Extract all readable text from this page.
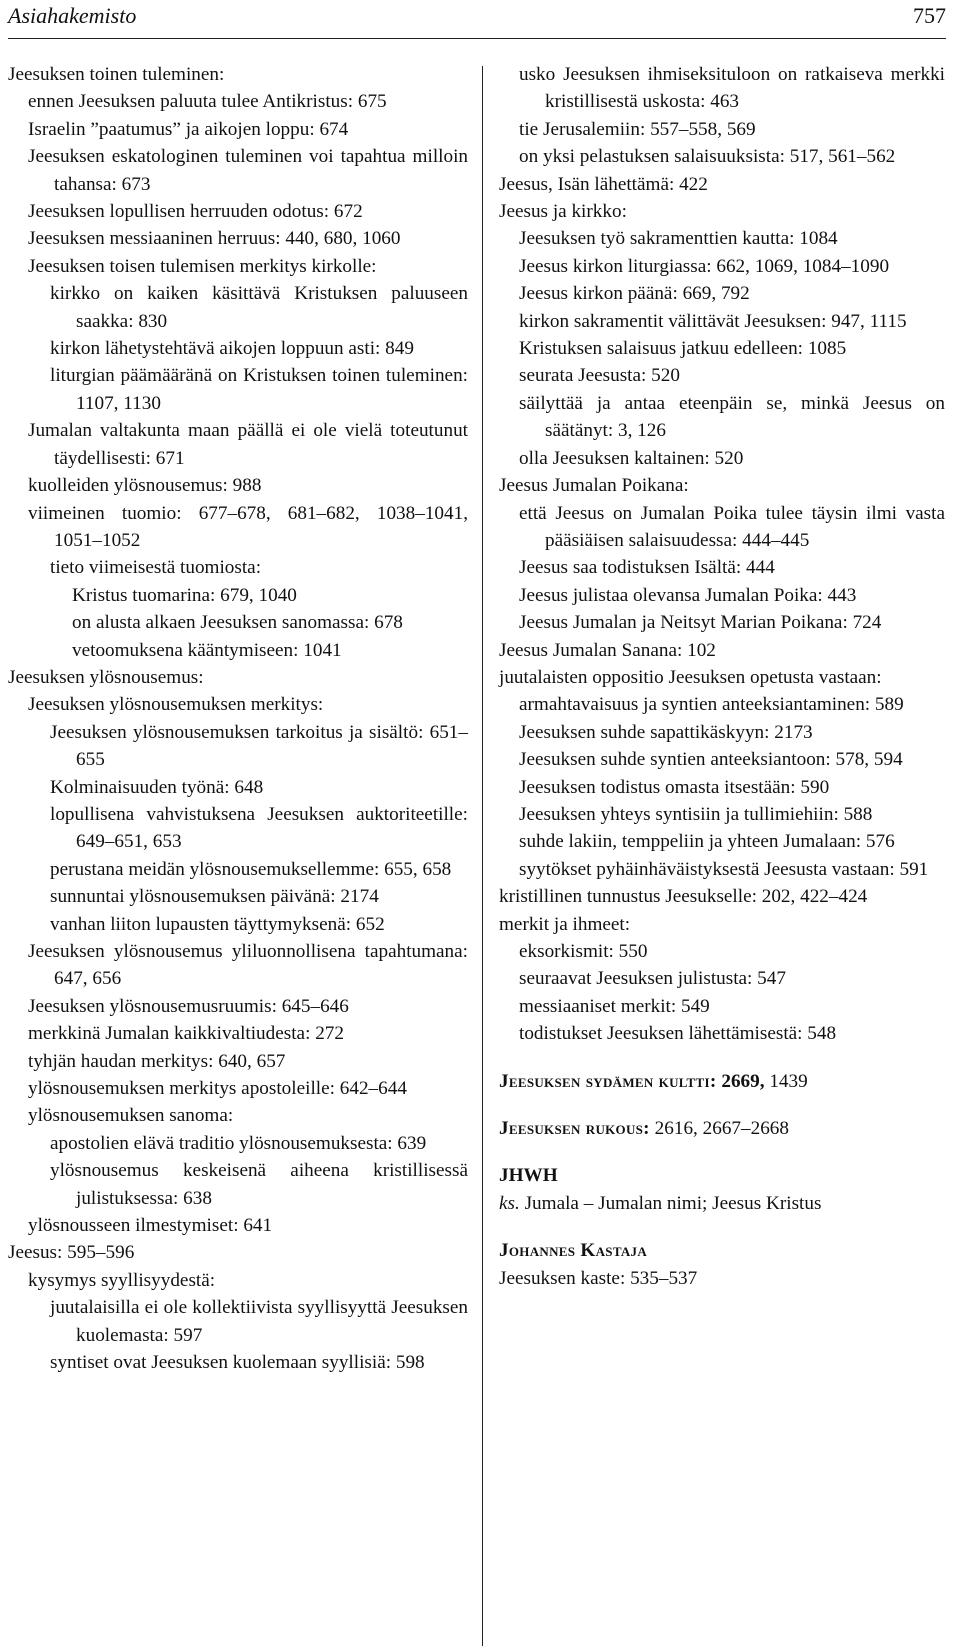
Asiahakemisto	757
Jeesuksen toinen tuleminen:
ennen Jeesuksen paluuta tulee Antikristus: 675
Israelin ”paatumus” ja aikojen loppu: 674
Jeesuksen eskatologinen tuleminen voi tapahtua milloin tahansa: 673
Jeesuksen lopullisen herruuden odotus: 672
Jeesuksen messiaaninen herruus: 440, 680, 1060
Jeesuksen toisen tulemisen merkitys kirkolle:
kirkko on kaiken käsittävä Kristuksen paluuseen saakka: 830
kirkon lähetystehtävä aikojen loppuun asti: 849
liturgian päämääränä on Kristuksen toinen tuleminen: 1107, 1130
Jumalan valtakunta maan päällä ei ole vielä toteutunut täydellisesti: 671
kuolleiden ylösnousemus: 988
viimeinen tuomio: 677–678, 681–682, 1038–1041, 1051–1052
tieto viimeisestä tuomiosta:
Kristus tuomarina: 679, 1040
on alusta alkaen Jeesuksen sanomassa: 678
vetoomuksena kääntymiseen: 1041
Jeesuksen ylösnousemus:
Jeesuksen ylösnousemuksen merkitys:
Jeesuksen ylösnousemuksen tarkoitus ja sisältö: 651–655
Kolminaisuuden työnä: 648
lopullisena vahvistuksena Jeesuksen auktoriteetille: 649–651, 653
perustana meidän ylösnousemuksellemme: 655, 658
sunnuntai ylösnousemuksen päivänä: 2174
vanhan liiton lupausten täyttymyksenä: 652
Jeesuksen ylösnousemus yliluonnollisena tapahtumana: 647, 656
Jeesuksen ylösnousemusruumis: 645–646
merkkinä Jumalan kaikkivaltiudesta: 272
tyhjän haudan merkitys: 640, 657
ylösnousemuksen merkitys apostoleille: 642–644
ylösnousemuksen sanoma:
apostolien elävä traditio ylösnousemuksesta: 639
ylösnousemus keskeisenä aiheena kristillisessä julistuksessa: 638
ylösnousseen ilmestymiset: 641
Jeesus: 595–596
kysymys syyllisyydestä:
juutalaisilla ei ole kollektiivista syyllisyyttä Jeesuksen kuolemasta: 597
syntiset ovat Jeesuksen kuolemaan syyllisiä: 598
usko Jeesuksen ihmiseksituloon on ratkaiseva merkki kristillisestä uskosta: 463
tie Jerusalemiin: 557–558, 569
on yksi pelastuksen salaisuuksista: 517, 561–562
Jeesus, Isän lähettämä: 422
Jeesus ja kirkko:
Jeesuksen työ sakramenttien kautta: 1084
Jeesus kirkon liturgiassa: 662, 1069, 1084–1090
Jeesus kirkon päänä: 669, 792
kirkon sakramentit välittävät Jeesuksen: 947, 1115
Kristuksen salaisuus jatkuu edelleen: 1085
seurata Jeesusta: 520
säilyttää ja antaa eteenpäin se, minkä Jeesus on säätänyt: 3, 126
olla Jeesuksen kaltainen: 520
Jeesus Jumalan Poikana:
että Jeesus on Jumalan Poika tulee täysin ilmi vasta pääsiäisen salaisuudessa: 444–445
Jeesus saa todistuksen Isältä: 444
Jeesus julistaa olevansa Jumalan Poika: 443
Jeesus Jumalan ja Neitsyt Marian Poikana: 724
Jeesus Jumalan Sanana: 102
juutalaisten oppositio Jeesuksen opetusta vastaan:
armahtavaisuus ja syntien anteeksiantaminen: 589
Jeesuksen suhde sapattikäskyyn: 2173
Jeesuksen suhde syntien anteeksiantoon: 578, 594
Jeesuksen todistus omasta itsestään: 590
Jeesuksen yhteys syntisiin ja tullimiehiin: 588
suhde lakiin, temppeliin ja yhteen Jumalaan: 576
syytökset pyhäinhäväistyksestä Jeesusta vastaan: 591
kristillinen tunnustus Jeesukselle: 202, 422–424
merkit ja ihmeet:
eksorkismit: 550
seuraavat Jeesuksen julistusta: 547
messiaaniset merkit: 549
todistukset Jeesuksen lähettämisestä: 548
Jeesuksen sydämen kultti: 2669, 1439
Jeesuksen rukous: 2616, 2667–2668
JHWH
ks. Jumala – Jumalan nimi; Jeesus Kristus
Johannes Kastaja
Jeesuksen kaste: 535–537
